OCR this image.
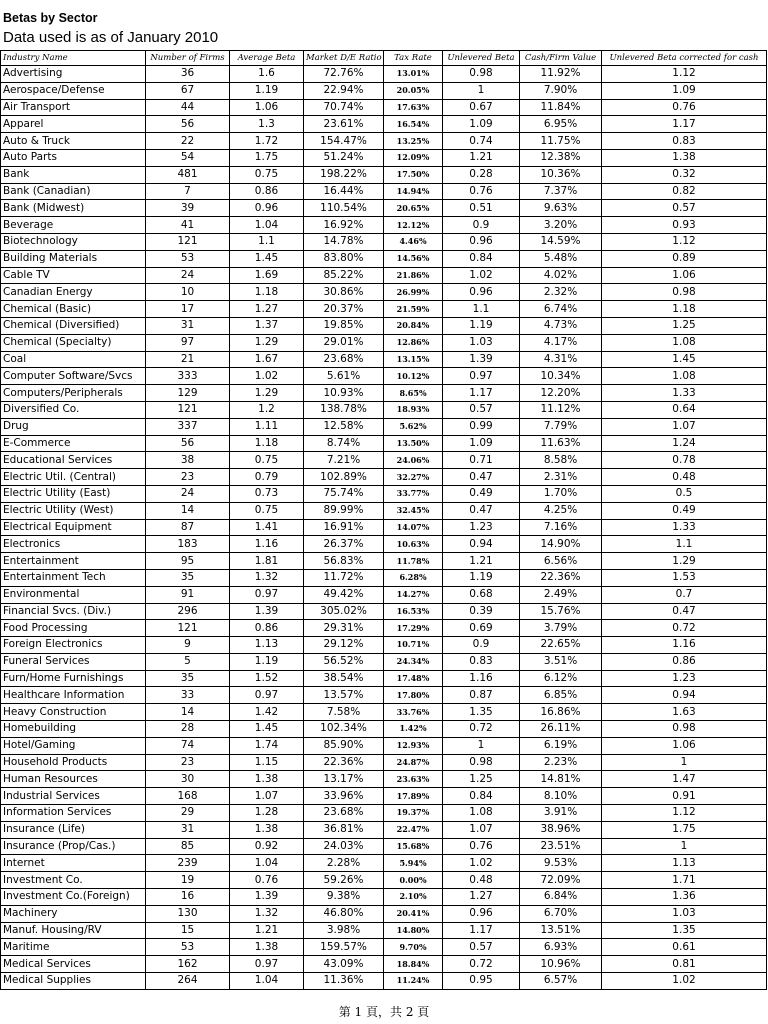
Betas by Sector
Data used is as of January 2010
Industry Name	Number of Firms	Average Beta	Market D/E Ratio	Tax Rate	Unlevered Beta	Cash/Firm Value	Unlevered Beta corrected for cash
Advertising	36	1.6	72.76%	13.01%	0.98	11.92%	1.12
Aerospace/Defense	67	1.19	22.94%	20.05%	1	7.90%	1.09
Air Transport	44	1.06	70.74%	17.63%	0.67	11.84%	0.76
Apparel	56	1.3	23.61%	16.54%	1.09	6.95%	1.17
Auto & Truck	22	1.72	154.47%	13.25%	0.74	11.75%	0.83
Auto Parts	54	1.75	51.24%	12.09%	1.21	12.38%	1.38
Bank	481	0.75	198.22%	17.50%	0.28	10.36%	0.32
Bank (Canadian)	7	0.86	16.44%	14.94%	0.76	7.37%	0.82
Bank (Midwest)	39	0.96	110.54%	20.65%	0.51	9.63%	0.57
Beverage	41	1.04	16.92%	12.12%	0.9	3.20%	0.93
Biotechnology	121	1.1	14.78%	4.46%	0.96	14.59%	1.12
Building Materials	53	1.45	83.80%	14.56%	0.84	5.48%	0.89
Cable TV	24	1.69	85.22%	21.86%	1.02	4.02%	1.06
Canadian Energy	10	1.18	30.86%	26.99%	0.96	2.32%	0.98
Chemical (Basic)	17	1.27	20.37%	21.59%	1.1	6.74%	1.18
Chemical (Diversified)	31	1.37	19.85%	20.84%	1.19	4.73%	1.25
Chemical (Specialty)	97	1.29	29.01%	12.86%	1.03	4.17%	1.08
Coal	21	1.67	23.68%	13.15%	1.39	4.31%	1.45
Computer Software/Svcs	333	1.02	5.61%	10.12%	0.97	10.34%	1.08
Computers/Peripherals	129	1.29	10.93%	8.65%	1.17	12.20%	1.33
Diversified Co.	121	1.2	138.78%	18.93%	0.57	11.12%	0.64
Drug	337	1.11	12.58%	5.62%	0.99	7.79%	1.07
E-Commerce	56	1.18	8.74%	13.50%	1.09	11.63%	1.24
Educational Services	38	0.75	7.21%	24.06%	0.71	8.58%	0.78
Electric Util. (Central)	23	0.79	102.89%	32.27%	0.47	2.31%	0.48
Electric Utility (East)	24	0.73	75.74%	33.77%	0.49	1.70%	0.5
Electric Utility (West)	14	0.75	89.99%	32.45%	0.47	4.25%	0.49
Electrical Equipment	87	1.41	16.91%	14.07%	1.23	7.16%	1.33
Electronics	183	1.16	26.37%	10.63%	0.94	14.90%	1.1
Entertainment	95	1.81	56.83%	11.78%	1.21	6.56%	1.29
Entertainment Tech	35	1.32	11.72%	6.28%	1.19	22.36%	1.53
Environmental	91	0.97	49.42%	14.27%	0.68	2.49%	0.7
Financial Svcs. (Div.)	296	1.39	305.02%	16.53%	0.39	15.76%	0.47
Food Processing	121	0.86	29.31%	17.29%	0.69	3.79%	0.72
Foreign Electronics	9	1.13	29.12%	10.71%	0.9	22.65%	1.16
Funeral Services	5	1.19	56.52%	24.34%	0.83	3.51%	0.86
Furn/Home Furnishings	35	1.52	38.54%	17.48%	1.16	6.12%	1.23
Healthcare Information	33	0.97	13.57%	17.80%	0.87	6.85%	0.94
Heavy Construction	14	1.42	7.58%	33.76%	1.35	16.86%	1.63
Homebuilding	28	1.45	102.34%	1.42%	0.72	26.11%	0.98
Hotel/Gaming	74	1.74	85.90%	12.93%	1	6.19%	1.06
Household Products	23	1.15	22.36%	24.87%	0.98	2.23%	1
Human Resources	30	1.38	13.17%	23.63%	1.25	14.81%	1.47
Industrial Services	168	1.07	33.96%	17.89%	0.84	8.10%	0.91
Information Services	29	1.28	23.68%	19.37%	1.08	3.91%	1.12
Insurance (Life)	31	1.38	36.81%	22.47%	1.07	38.96%	1.75
Insurance (Prop/Cas.)	85	0.92	24.03%	15.68%	0.76	23.51%	1
Internet	239	1.04	2.28%	5.94%	1.02	9.53%	1.13
Investment Co.	19	0.76	59.26%	0.00%	0.48	72.09%	1.71
Investment Co.(Foreign)	16	1.39	9.38%	2.10%	1.27	6.84%	1.36
Machinery	130	1.32	46.80%	20.41%	0.96	6.70%	1.03
Manuf. Housing/RV	15	1.21	3.98%	14.80%	1.17	13.51%	1.35
Maritime	53	1.38	159.57%	9.70%	0.57	6.93%	0.61
Medical Services	162	0.97	43.09%	18.84%	0.72	10.96%	0.81
Medical Supplies	264	1.04	11.36%	11.24%	0.95	6.57%	1.02
第 1 頁，共 2 頁
